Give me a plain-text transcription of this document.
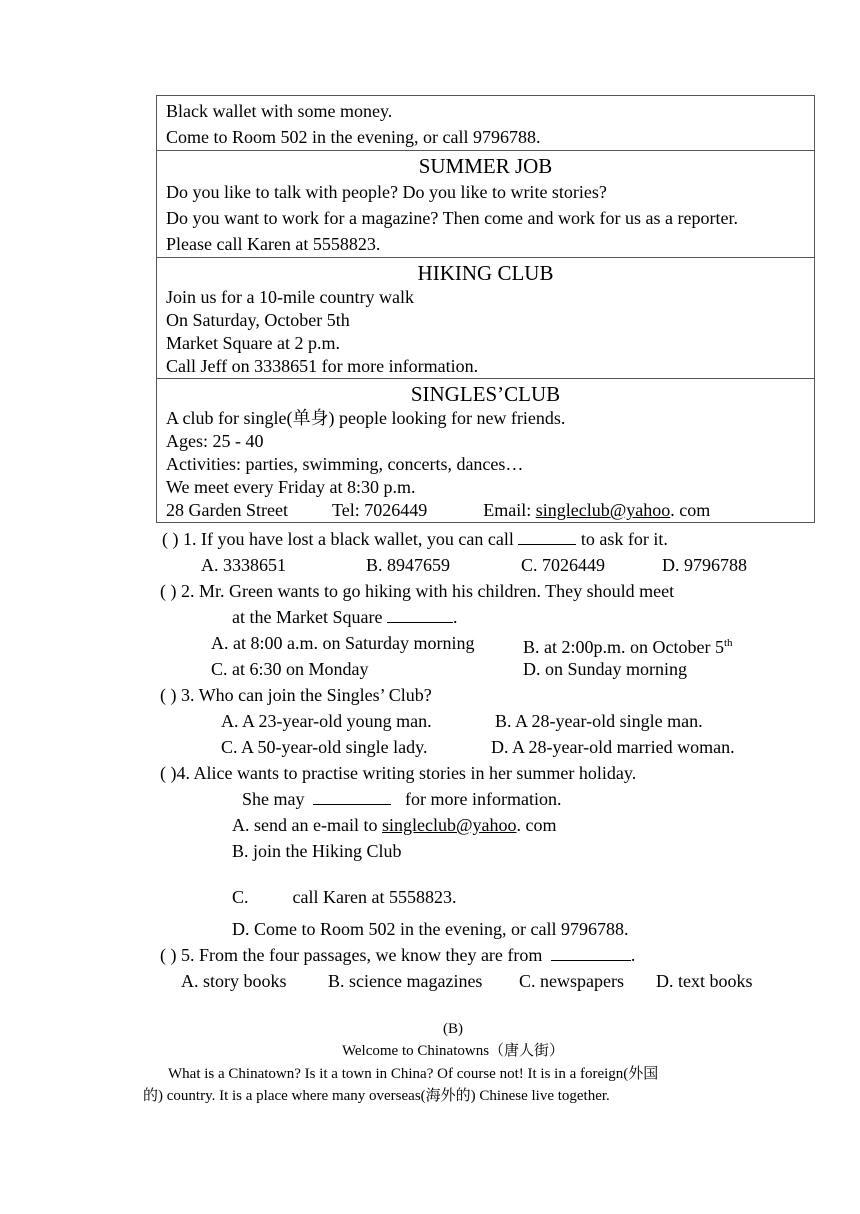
Black wallet with some money.
Come to Room 502 in the evening, or call 9796788.

SUMMER JOB
Do you like to talk with people? Do you like to write stories?
Do you want to work for a magazine? Then come and work for us as a reporter.
Please call Karen at 5558823.

HIKING CLUB
Join us for a 10-mile country walk
On Saturday, October 5th
Market Square at 2 p.m.
Call Jeff on 3338651 for more information.

SINGLES’CLUB
A club for single(单身) people looking for new friends.
Ages: 25 - 40
Activities: parties, swimming, concerts, dances…
We meet every Friday at 8:30 p.m.
28 Garden Street Tel: 7026449	Email: singleclub@yahoo. com
( ) 1. If you have lost a black wallet, you can call	to ask for it.
A. 3338651	B. 8947659	C. 7026449	D. 9796788
( ) 2. Mr. Green wants to go hiking with his children. They should meet
at the Market Square	.
A. at 8:00 a.m. on Saturday morning	B. at 2:00p.m. on October 5th
C. at 6:30 on Monday	D. on Sunday morning
( ) 3. Who can join the Singles’ Club?
A. A 23-year-old young man.	B. A 28-year-old single man.
C. A 50-year-old single lady.	D. A 28-year-old married woman.
( )4. Alice wants to practise writing stories in her summer holiday.
She may	for more information.
A. send an e-mail to singleclub@yahoo. com
B. join the Hiking Club
C. call Karen at 5558823.
D. Come to Room 502 in the evening, or call 9796788.
( ) 5. From the four passages, we know they are from	.
A. story books B. science magazines C. newspapers D. text books
(B)
Welcome to Chinatowns（唐人街）
What is a Chinatown? Is it a town in China? Of course not! It is in a foreign(外国
的) country. It is a place where many overseas(海外的) Chinese live together.
